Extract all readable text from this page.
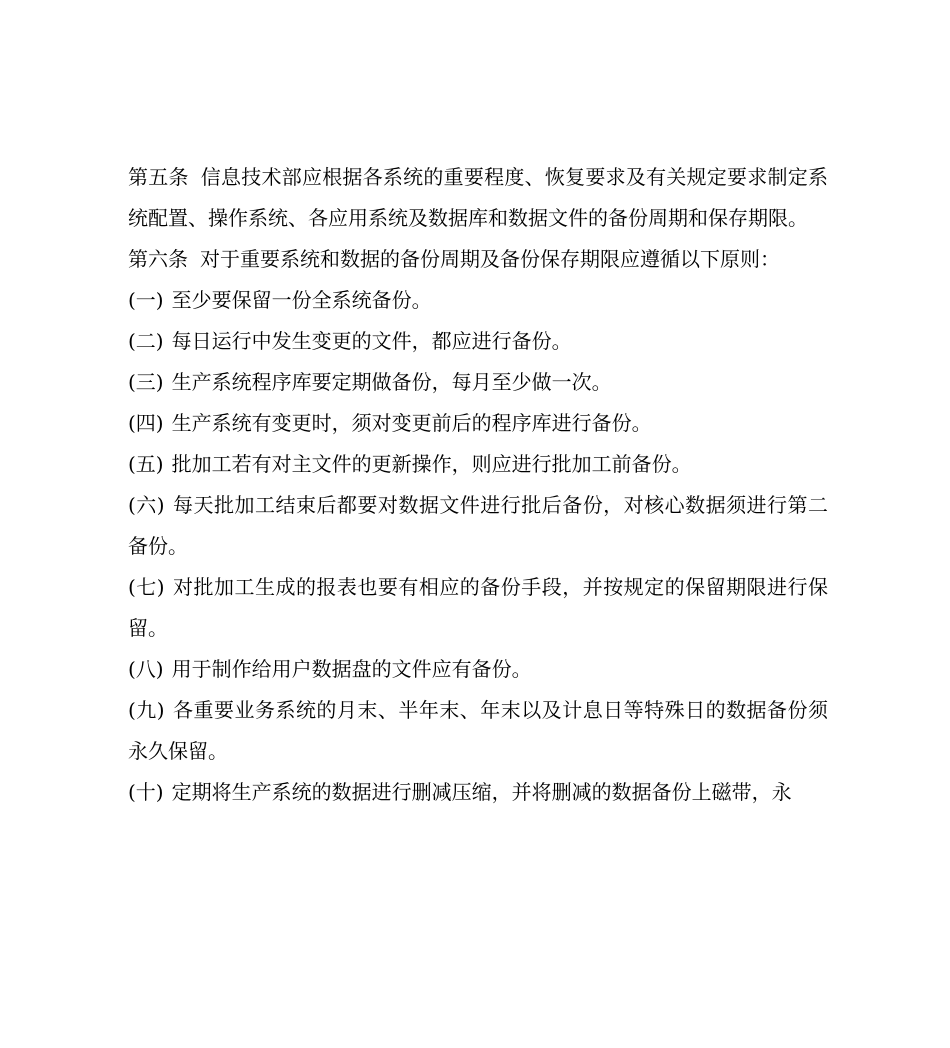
第五条 信息技术部应根据各系统的重要程度、恢复要求及有关规定要求制定系统配置、操作系统、各应用系统及数据库和数据文件的备份周期和保存期限。

第六条 对于重要系统和数据的备份周期及备份保存期限应遵循以下原则：

(一) 至少要保留一份全系统备份。

(二) 每日运行中发生变更的文件，都应进行备份。

(三) 生产系统程序库要定期做备份，每月至少做一次。

(四) 生产系统有变更时，须对变更前后的程序库进行备份。

(五) 批加工若有对主文件的更新操作，则应进行批加工前备份。

(六) 每天批加工结束后都要对数据文件进行批后备份，对核心数据须进行第二备份。

(七) 对批加工生成的报表也要有相应的备份手段，并按规定的保留期限进行保留。

(八) 用于制作给用户数据盘的文件应有备份。

(九) 各重要业务系统的月末、半年末、年末以及计息日等特殊日的数据备份须永久保留。

(十) 定期将生产系统的数据进行删减压缩，并将删减的数据备份上磁带，永
